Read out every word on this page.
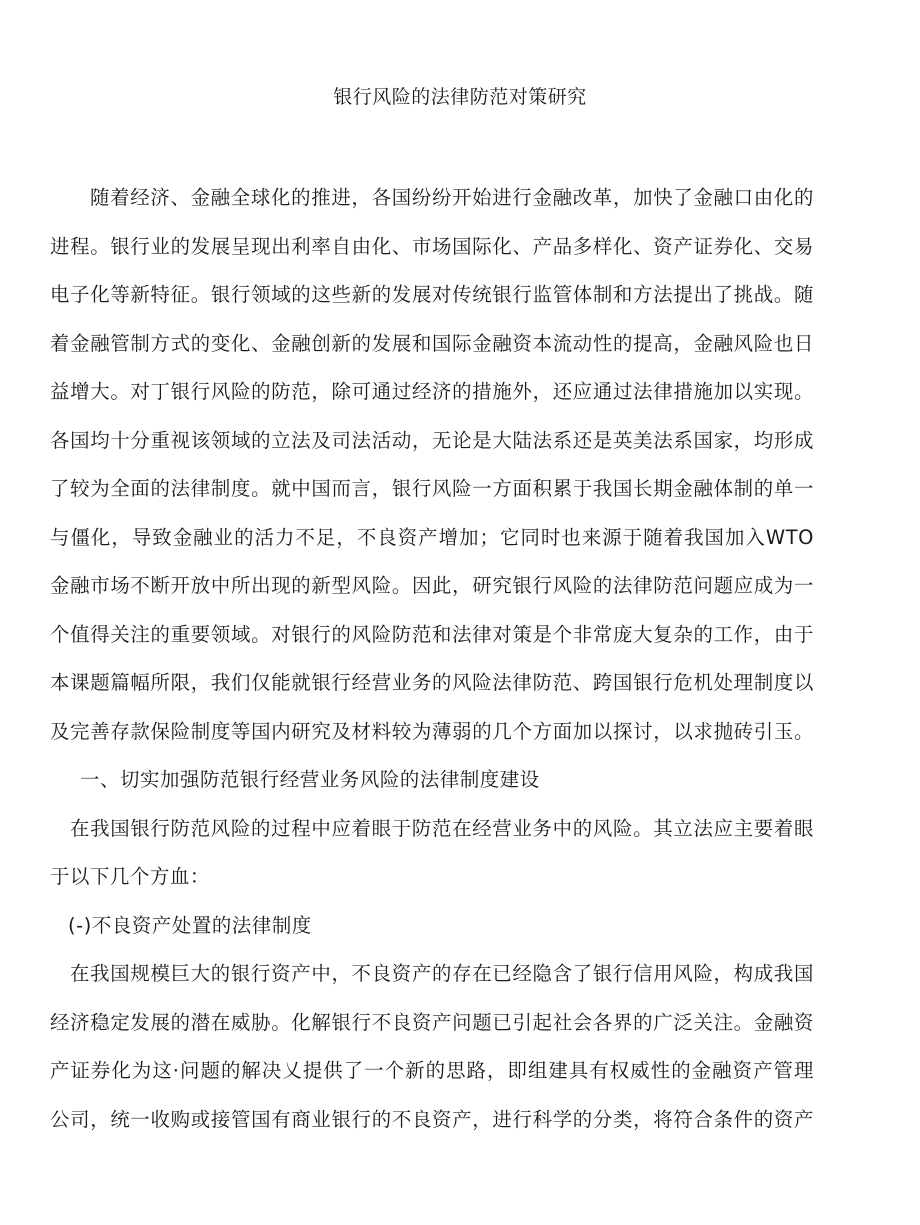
银行风险的法律防范对策研究
随着经济、金融全球化的推进，各国纷纷开始进行金融改革，加快了金融口由化的
进程。银行业的发展呈现出利率自由化、市场国际化、产品多样化、资产证券化、交易
电子化等新特征。银行领域的这些新的发展对传统银行监管体制和方法提出了挑战。随
着金融管制方式的变化、金融创新的发展和国际金融资本流动性的提高，金融风险也日
益增大。对丁银行风险的防范，除可通过经济的措施外，还应通过法律措施加以实现。
各国均十分重视该领域的立法及司法活动，无论是大陆法系还是英美法系国家，均形成
了较为全面的法律制度。就中国而言，银行风险一方面积累于我国长期金融体制的单一
与僵化，导致金融业的活力不足，不良资产增加；它同时也来源于随着我国加入WTO
金融市场不断开放中所出现的新型风险。因此，研究银行风险的法律防范问题应成为一
个值得关注的重要领域。对银行的风险防范和法律对策是个非常庞大复杂的工作，由于
本课题篇幅所限，我们仅能就银行经营业务的风险法律防范、跨国银行危机处理制度以
及完善存款保险制度等国内研究及材料较为薄弱的几个方面加以探讨，以求抛砖引玉。
一、切实加强防范银行经营业务风险的法律制度建设
在我国银行防范风险的过程中应着眼于防范在经营业务中的风险。其立法应主要着眼
于以下几个方血：
(-)不良资产处置的法律制度
在我国规模巨大的银行资产中，不良资产的存在已经隐含了银行信用风险，构成我国
经济稳定发展的潜在威胁。化解银行不良资产问题已引起社会各界的广泛关注。金融资
产证券化为这·问题的解决乂提供了一个新的思路，即组建具有权威性的金融资产管理
公司，统一收购或接管国有商业银行的不良资产，进行科学的分类，将符合条件的资产
